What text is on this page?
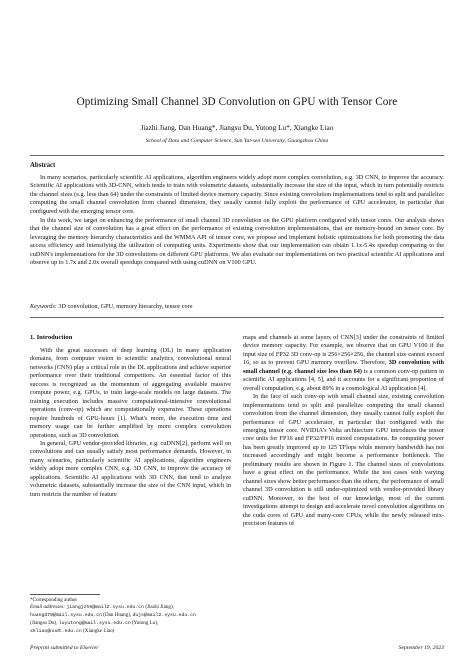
Optimizing Small Channel 3D Convolution on GPU with Tensor Core
Jiazhi Jiang, Dan Huang*, Jiangsu Du, Yutong Lu*, Xiangke Liao
School of Data and Computer Science, Sun Yat-sen University, Guangzhou China
Abstract

In many scenarios, particularly scientific AI applications, algorithm engineers widely adopt more complex convolution, e.g. 3D CNN, to improve the accuracy. Scientific AI applications with 3D-CNN, which tends to train with volumetric datasets, substantially increase the size of the input, which in turn potentially restricts the channel sizes (e.g. less than 64) under the constraints of limited device memory capacity. Since existing convolution implementations tend to split and parallelize computing the small channel convolution from channel dimension, they usually cannot fully exploit the performance of GPU accelerator, in particular that configured with the emerging tensor core.

In this work, we target on enhancing the performance of small channel 3D convolution on the GPU platform configured with tensor cores. Our analysis shows that the channel size of convolution has a great effect on the performance of existing convolution implementations, that are memory-bound on tensor core. By leveraging the memory hierarchy characteristics and the WMMA API of tensor core, we propose and implement holistic optimizations for both promoting the data access efficiency and intensifying the utilization of computing units. Experiments show that our implementation can obtain 1.1x-5.4x speedup comparing to the cuDNN's implementations for the 3D convolutions on different GPU platforms. We also evaluate our implementations on two practical scientific AI applications and observe up to 1.7x and 2.0x overall speedups compared with using cuDNN on V100 GPU.

Keywords: 3D convolution, GPU, memory hierarchy, tensor core
1. Introduction

With the great successes of deep learning (DL) in many application domains, from computer vision to scientific analytics, convolutional neural networks (CNN) play a critical role in the DL applications and achieve superior performance over their traditional competitors. An essential factor of this success is recognized as the momentum of aggregating available massive compute power, e.g. GPUs, to train large-scale models on large datasets. The training execution includes massive computational-intensive convolutional operations (conv-op) which are computationally expensive. These operations require hundreds of GPU-hours [1]. What's more, the execution time and memory usage can be further amplified by more complex convolution operations, such as 3D convolution.

In general, GPU vendor-provided libraries, e.g. cuDNN[2], perform well on convolutions and can usually satisfy most performance demands. However, in many scenarios, particularly scientific AI applications, algorithm engineers widely adopt more complex CNN, e.g. 3D CNN, to improve the accuracy of applications. Scientific AI applications with 3D CNN, that tend to analyze volumetric datasets, substantially increase the size of the CNN input, which in turn restricts the number of feature

maps and channels at some layers of CNN[3] under the constraints of limited device memory capacity. For example, we observe that on GPU V100 if the input size of FP32 3D conv-op is 256×256×256, the channel size cannot exceed 16, so as to prevent GPU memory overflow. Therefore, 3D convolution with small channel (e.g. channel size less than 64) is a common conv-op pattern in scientific AI applications [4, 5], and it accounts for a significant proportion of overall computation, e.g. about 89% in a cosmological AI application [4].

In the face of such conv-op with small channel size, existing convolution implementations tend to split and parallelize computing the small channel convolution from the channel dimension, they usually cannot fully exploit the performance of GPU accelerator, in particular that configured with the emerging tensor core. NVIDIA's Volta architecture GPU introduces the tensor core units for FP16 and FP32/FP16 mixed computations. Its computing power has been greatly improved up to 125 TFlops while memory bandwidth has not increased accordingly and might become a performance bottleneck. The preliminary results are shown in Figure 1. The channel sizes of convolutions have a great effect on the performance. While the test cases with varying channel sizes show better performance than the others, the performance of small channel 3D convolution is still under-optimized with vendor-provided library cuDNN. Moreover, to the best of our knowledge, most of the current investigations attempt to design and accelerate novel convolution algorithms on the cuda cores of GPU and many-core CPUs, while the newly released mix-precision features of

*Corresponding author
Email addresses: jiangjzh6@mail2.sysu.edu.cn (Jiazhi Jiang),
huangd79@mail.sysu.edu.cn (Dan Huang), dujs@mail2.sysu.edu.cn
(Jiangsu Du), luyutong@mail.sysu.edu.cn (Yutong Lu),
xkliao@nudt.edu.cn (Xiangke Liao)
Preprint submitted to Elsevier	September 19, 2023
